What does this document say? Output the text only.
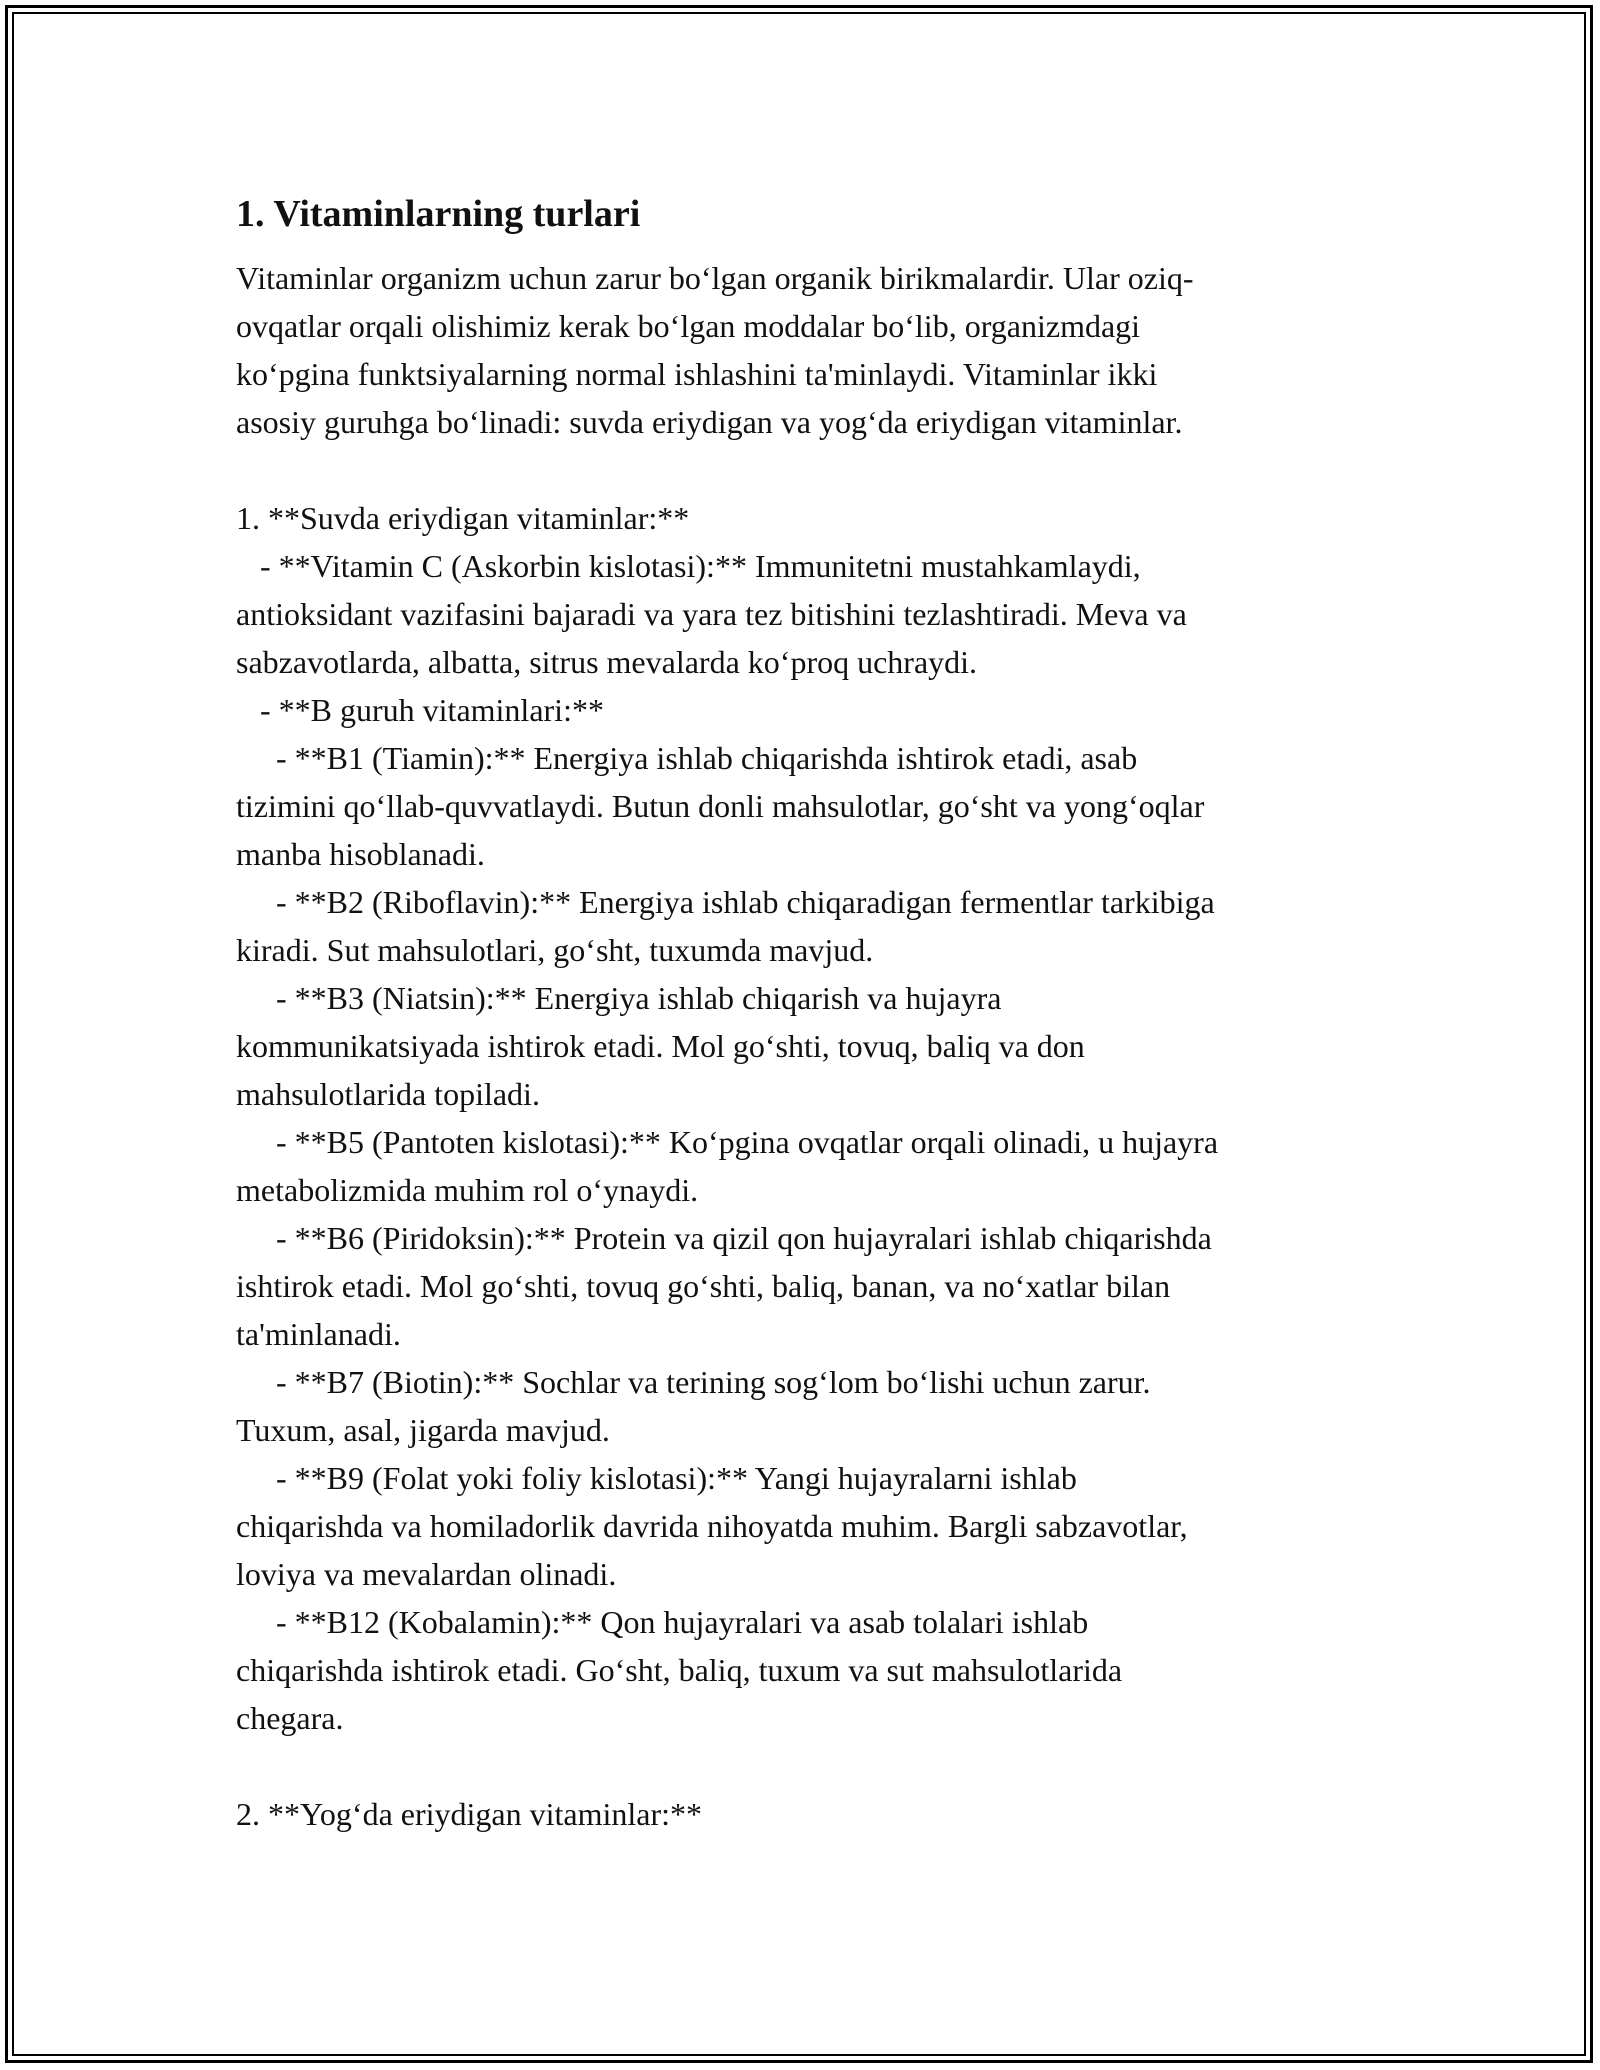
1. Vitaminlarning turlari
Vitaminlar organizm uchun zarur bo‘lgan organik birikmalardir. Ular oziq-
ovqatlar orqali olishimiz kerak bo‘lgan moddalar bo‘lib, organizmdagi
ko‘pgina funktsiyalarning normal ishlashini ta'minlaydi. Vitaminlar ikki
asosiy guruhga bo‘linadi: suvda eriydigan va yog‘da eriydigan vitaminlar.
1. **Suvda eriydigan vitaminlar:**
- **Vitamin C (Askorbin kislotasi):** Immunitetni mustahkamlaydi,
antioksidant vazifasini bajaradi va yara tez bitishini tezlashtiradi. Meva va
sabzavotlarda, albatta, sitrus mevalarda ko‘proq uchraydi.
- **B guruh vitaminlari:**
- **B1 (Tiamin):** Energiya ishlab chiqarishda ishtirok etadi, asab
tizimini qo‘llab-quvvatlaydi. Butun donli mahsulotlar, go‘sht va yong‘oqlar
manba hisoblanadi.
- **B2 (Riboflavin):** Energiya ishlab chiqaradigan fermentlar tarkibiga
kiradi. Sut mahsulotlari, go‘sht, tuxumda mavjud.
- **B3 (Niatsin):** Energiya ishlab chiqarish va hujayra
kommunikatsiyada ishtirok etadi. Mol go‘shti, tovuq, baliq va don
mahsulotlarida topiladi.
- **B5 (Pantoten kislotasi):** Ko‘pgina ovqatlar orqali olinadi, u hujayra
metabolizmida muhim rol o‘ynaydi.
- **B6 (Piridoksin):** Protein va qizil qon hujayralari ishlab chiqarishda
ishtirok etadi. Mol go‘shti, tovuq go‘shti, baliq, banan, va no‘xatlar bilan
ta'minlanadi.
- **B7 (Biotin):** Sochlar va terining sog‘lom bo‘lishi uchun zarur.
Tuxum, asal, jigarda mavjud.
- **B9 (Folat yoki foliy kislotasi):** Yangi hujayralarni ishlab
chiqarishda va homiladorlik davrida nihoyatda muhim. Bargli sabzavotlar,
loviya va mevalardan olinadi.
- **B12 (Kobalamin):** Qon hujayralari va asab tolalari ishlab
chiqarishda ishtirok etadi. Go‘sht, baliq, tuxum va sut mahsulotlarida
chegara.
2. **Yog‘da eriydigan vitaminlar:**
